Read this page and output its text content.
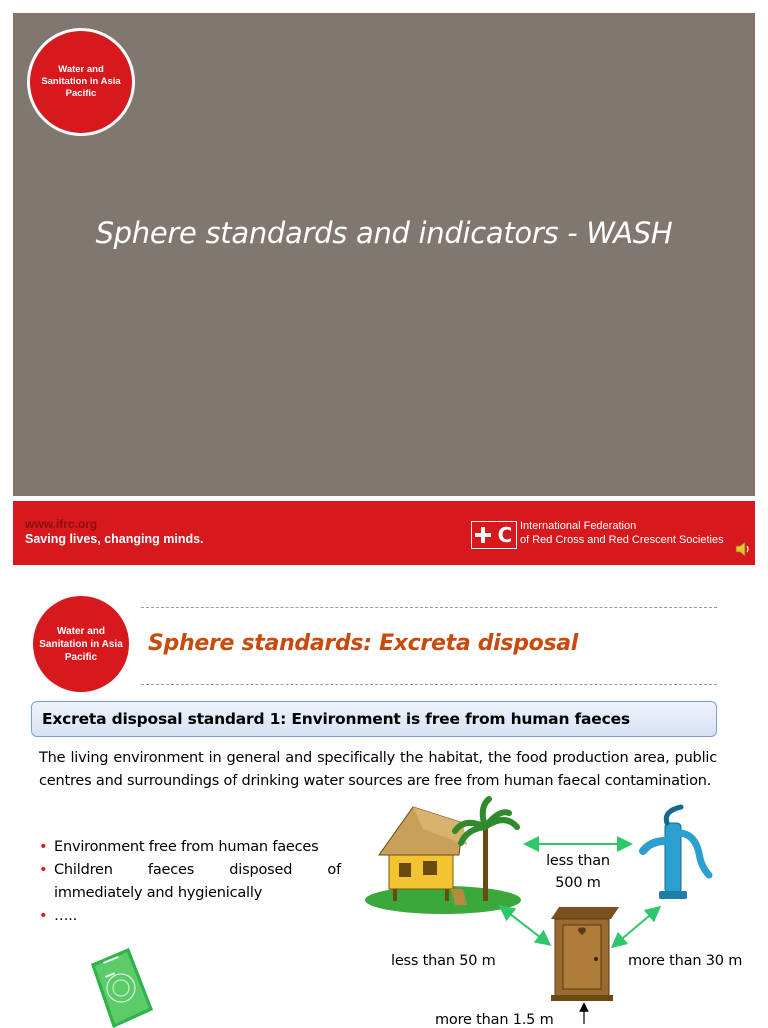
Water and Sanitation in Asia Pacific
Sphere standards and indicators - WASH
www.ifrc.org
Saving lives, changing minds.	C International Federation
of Red Cross and Red Crescent Societies
Water and Sanitation in Asia Pacific
Sphere standards: Excreta disposal
Excreta disposal standard 1: Environment is free from human faeces
The living environment in general and specifically the habitat, the food production area, public centres and surroundings of drinking water sources are free from human faecal contamination.
• Environment free from human faeces
• Children faeces disposed of immediately and hygienically
• …..
less than
500 m
less than 50 m	more than 30 m
more than 1.5 m
